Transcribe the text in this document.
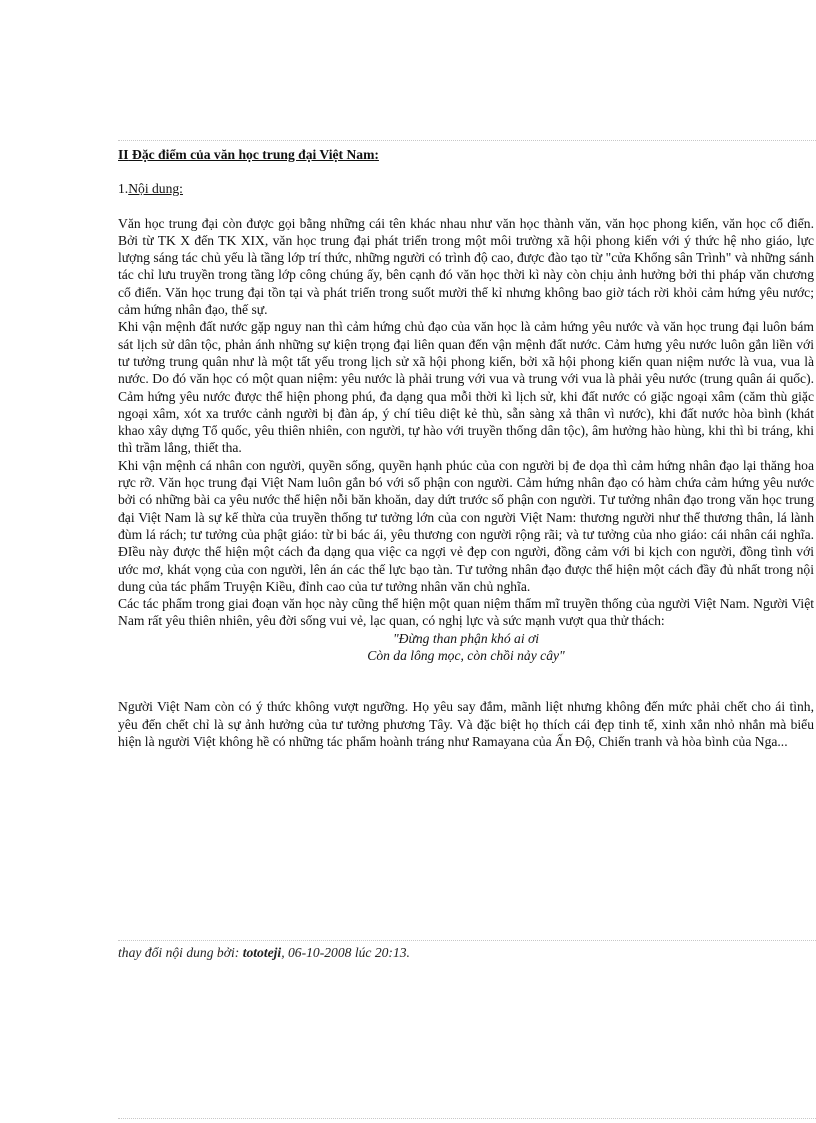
II Đặc điểm của văn học trung đại Việt Nam:

1.Nội dung:

Văn học trung đại còn được gọi bằng những cái tên khác nhau như văn học thành văn, văn học phong kiến, văn học cổ điển. Bởi từ TK X đến TK XIX, văn học trung đại phát triển trong một môi trường xã hội phong kiến với ý thức hệ nho giáo, lực lượng sáng tác chủ yếu là tầng lớp trí thức, những người có trình độ cao, được đào tạo từ "cửa Khổng sân Trình" và những sánh tác chỉ lưu truyền trong tầng lớp công chúng ấy, bên cạnh đó văn học thời kì này còn chịu ảnh hưởng bởi thi pháp văn chương cổ điển. Văn học trung đại tồn tại và phát triển trong suốt mười thế kỉ nhưng không bao giờ tách rời khỏi cảm hứng yêu nước; cảm hứng nhân đạo, thế sự.

Khi vận mệnh đất nước gặp nguy nan thì cảm hứng chủ đạo của văn học là cảm hứng yêu nước và văn học trung đại luôn bám sát lịch sử dân tộc, phản ánh những sự kiện trọng đại liên quan đến vận mệnh đất nước. Cảm hưng yêu nước luôn gắn liền với tư tưởng trung quân như là một tất yếu trong lịch sử xã hội phong kiến, bởi xã hội phong kiến quan niệm nước là vua, vua là nước. Do đó văn học có một quan niệm: yêu nước là phải trung với vua và trung với vua là phải yêu nước (trung quân ái quốc). Cảm hứng yêu nước được thể hiện phong phú, đa dạng qua mỗi thời kì lịch sử, khi đất nước có giặc ngoại xâm (căm thù giặc ngoại xâm, xót xa trước cảnh người bị đàn áp, ý chí tiêu diệt kẻ thù, sẵn sàng xả thân vì nước), khi đất nước hòa bình (khát khao xây dựng Tổ quốc, yêu thiên nhiên, con người, tự hào với truyền thống dân tộc), âm hưởng hào hùng, khi thì bi tráng, khi thì trầm lắng, thiết tha.

Khi vận mệnh cá nhân con người, quyền sống, quyền hạnh phúc của con người bị đe dọa thì cảm hứng nhân đạo lại thăng hoa rực rỡ. Văn học trung đại Việt Nam luôn gắn bó với số phận con người. Cảm hứng nhân đạo có hàm chứa cảm hứng yêu nước bởi có những bài ca yêu nước thể hiện nỗi băn khoăn, day dứt trước số phận con người. Tư tưởng nhân đạo trong văn học trung đại Việt Nam là sự kế thừa của truyền thống tư tưởng lớn của con người Việt Nam: thương người như thể thương thân, lá lành đùm lá rách; tư tưởng của phật giáo: từ bi bác ái, yêu thương con người rộng rãi; và tư tưởng của nho giáo: cái nhân cái nghĩa. ĐIều này được thể hiện một cách đa dạng qua việc ca ngợi vẻ đẹp con người, đồng cảm với bi kịch con người, đồng tình với ước mơ, khát vọng của con người, lên án các thế lực bạo tàn. Tư tưởng nhân đạo được thể hiện một cách đầy đủ nhất trong nội dung của tác phẩm Truyện Kiều, đỉnh cao của tư tưởng nhân văn chủ nghĩa.

Các tác phẩm trong giai đoạn văn học này cũng thể hiện một quan niệm thẩm mĩ truyền thống của người Việt Nam. Người Việt Nam rất yêu thiên nhiên, yêu đời sống vui vẻ, lạc quan, có nghị lực và sức mạnh vượt qua thử thách:

"Đừng than phận khó ai ơi

Còn da lông mọc, còn chồi nảy cây"

Người Việt Nam còn có ý thức không vượt ngưỡng. Họ yêu say đắm, mãnh liệt nhưng không đến mức phải chết cho ái tình, yêu đến chết chỉ là sự ảnh hưởng của tư tưởng phương Tây. Và đặc biệt họ thích cái đẹp tinh tế, xinh xắn nhỏ nhắn mà biểu hiện là người Việt không hề có những tác phẩm hoành tráng như Ramayana của Ấn Độ, Chiến tranh và hòa bình của Nga...

thay đổi nội dung bởi: tototeji, 06-10-2008 lúc 20:13.
